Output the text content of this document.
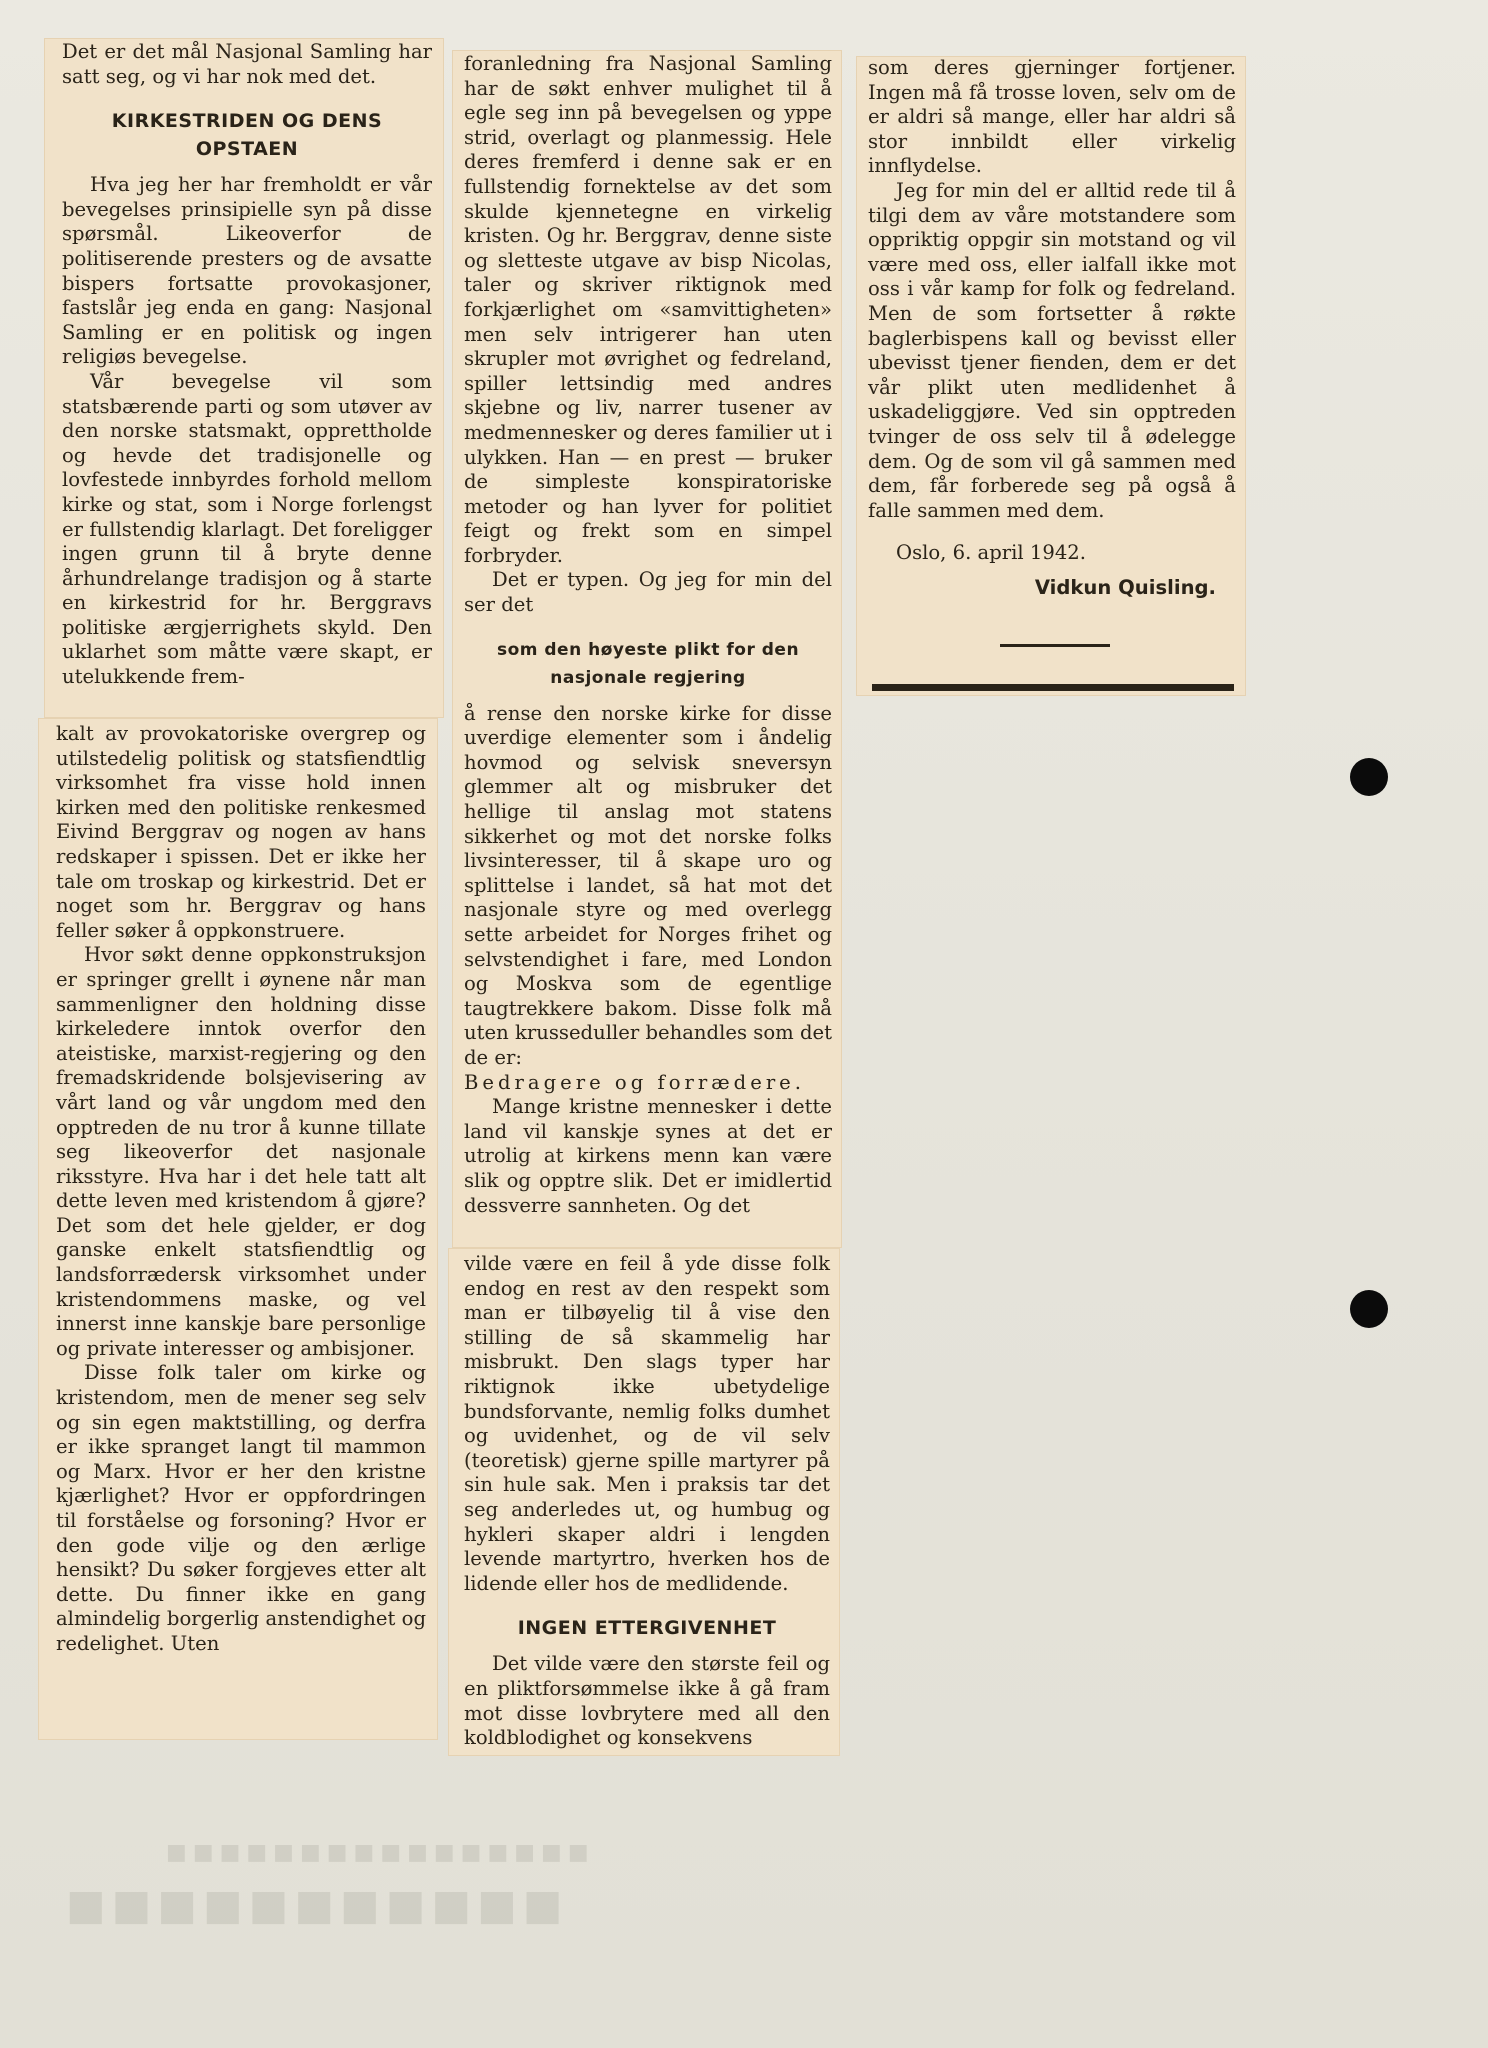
■■■■■■■■■■■
■■■■■■■■■■■■■■■■

Det er det mål Nasjonal Samling har satt seg, og vi har nok med det.

KIRKESTRIDEN OG DENS OPSTAEN

Hva jeg her har fremholdt er vår bevegelses prinsipielle syn på disse spørsmål. Likeoverfor de politiserende presters og de avsatte bispers fortsatte provokasjoner, fastslår jeg enda en gang: Nasjonal Samling er en politisk og ingen religiøs bevegelse.

Vår bevegelse vil som statsbærende parti og som utøver av den norske statsmakt, opprettholde og hevde det tradisjonelle og lovfestede innbyrdes forhold mellom kirke og stat, som i Norge forlengst er fullstendig klarlagt. Det foreligger ingen grunn til å bryte denne århundrelange tradisjon og å starte en kirkestrid for hr. Berggravs politiske ærgjerrighets skyld. Den uklarhet som måtte være skapt, er utelukkende frem-

kalt av provokatoriske overgrep og utilstedelig politisk og statsfiendtlig virksomhet fra visse hold innen kirken med den politiske renkesmed Eivind Berggrav og nogen av hans redskaper i spissen. Det er ikke her tale om troskap og kirkestrid. Det er noget som hr. Berggrav og hans feller søker å oppkonstruere.

Hvor søkt denne oppkonstruksjon er springer grellt i øynene når man sammenligner den holdning disse kirkeledere inntok overfor den ateistiske, marxist-regjering og den fremadskridende bolsjevisering av vårt land og vår ungdom med den opptreden de nu tror å kunne tillate seg likeoverfor det nasjonale riksstyre. Hva har i det hele tatt alt dette leven med kristendom å gjøre? Det som det hele gjelder, er dog ganske enkelt statsfiendtlig og landsforrædersk virksomhet under kristendommens maske, og vel innerst inne kanskje bare personlige og private interesser og ambisjoner.

Disse folk taler om kirke og kristendom, men de mener seg selv og sin egen maktstilling, og derfra er ikke spranget langt til mammon og Marx. Hvor er her den kristne kjærlighet? Hvor er oppfordringen til forståelse og forsoning? Hvor er den gode vilje og den ærlige hensikt? Du søker forgjeves etter alt dette. Du finner ikke en gang almindelig borgerlig anstendighet og redelighet. Uten

foranledning fra Nasjonal Samling har de søkt enhver mulighet til å egle seg inn på bevegelsen og yppe strid, overlagt og planmessig. Hele deres fremferd i denne sak er en fullstendig fornektelse av det som skulde kjennetegne en virkelig kristen. Og hr. Berggrav, denne siste og sletteste utgave av bisp Nicolas, taler og skriver riktignok med forkjærlighet om «samvittigheten» men selv intrigerer han uten skrupler mot øvrighet og fedreland, spiller lettsindig med andres skjebne og liv, narrer tusener av medmennesker og deres familier ut i ulykken. Han — en prest — bruker de simpleste konspiratoriske metoder og han lyver for politiet feigt og frekt som en simpel forbryder.

Det er typen. Og jeg for min del ser det

som den høyeste plikt for den nasjonale regjering

å rense den norske kirke for disse uverdige elementer som i åndelig hovmod og selvisk sneversyn glemmer alt og misbruker det hellige til anslag mot statens sikkerhet og mot det norske folks livsinteresser, til å skape uro og splittelse i landet, så hat mot det nasjonale styre og med overlegg sette arbeidet for Norges frihet og selvstendighet i fare, med London og Moskva som de egentlige taugtrekkere bakom. Disse folk må uten krusseduller behandles som det de er:

Bedragere og forrædere.

Mange kristne mennesker i dette land vil kanskje synes at det er utrolig at kirkens menn kan være slik og opptre slik. Det er imidlertid dessverre sannheten. Og det

vilde være en feil å yde disse folk endog en rest av den respekt som man er tilbøyelig til å vise den stilling de så skammelig har misbrukt. Den slags typer har riktignok ikke ubetydelige bundsforvante, nemlig folks dumhet og uvidenhet, og de vil selv (teoretisk) gjerne spille martyrer på sin hule sak. Men i praksis tar det seg anderledes ut, og humbug og hykleri skaper aldri i lengden levende martyrtro, hverken hos de lidende eller hos de medlidende.

INGEN ETTERGIVENHET

Det vilde være den største feil og en pliktforsømmelse ikke å gå fram mot disse lovbrytere med all den koldblodighet og konsekvens

som deres gjerninger fortjener. Ingen må få trosse loven, selv om de er aldri så mange, eller har aldri så stor innbildt eller virkelig innflydelse.

Jeg for min del er alltid rede til å tilgi dem av våre motstandere som oppriktig oppgir sin motstand og vil være med oss, eller ialfall ikke mot oss i vår kamp for folk og fedreland. Men de som fortsetter å røkte baglerbispens kall og bevisst eller ubevisst tjener fienden, dem er det vår plikt uten medlidenhet å uskadeliggjøre. Ved sin opptreden tvinger de oss selv til å ødelegge dem. Og de som vil gå sammen med dem, får forberede seg på også å falle sammen med dem.

Oslo, 6. april 1942.

Vidkun Quisling.
